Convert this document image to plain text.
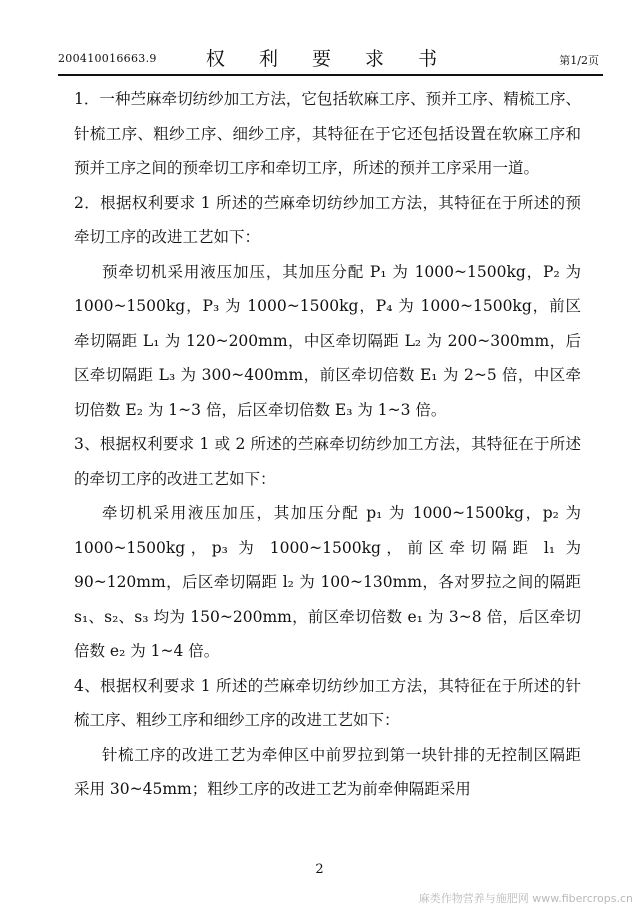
200410016663.9	权 利 要 求 书	第1/2页

1．一种苎麻牵切纺纱加工方法，它包括软麻工序、预并工序、精梳工序、针梳工序、粗纱工序、细纱工序，其特征在于它还包括设置在软麻工序和预并工序之间的预牵切工序和牵切工序，所述的预并工序采用一道。

2．根据权利要求 1 所述的苎麻牵切纺纱加工方法，其特征在于所述的预牵切工序的改进工艺如下：

预牵切机采用液压加压，其加压分配 P₁ 为 1000~1500kg，P₂ 为 1000~1500kg，P₃ 为 1000~1500kg，P₄ 为 1000~1500kg，前区牵切隔距 L₁ 为 120~200mm，中区牵切隔距 L₂ 为 200~300mm，后区牵切隔距 L₃ 为 300~400mm，前区牵切倍数 E₁ 为 2~5 倍，中区牵切倍数 E₂ 为 1~3 倍，后区牵切倍数 E₃ 为 1~3 倍。

3、根据权利要求 1 或 2 所述的苎麻牵切纺纱加工方法，其特征在于所述的牵切工序的改进工艺如下：

牵切机采用液压加压，其加压分配 p₁ 为 1000~1500kg，p₂ 为 1000~1500kg，p₃ 为 1000~1500kg，前区牵切隔距 l₁ 为 90~120mm，后区牵切隔距 l₂ 为 100~130mm，各对罗拉之间的隔距 s₁、s₂、s₃ 均为 150~200mm，前区牵切倍数 e₁ 为 3~8 倍，后区牵切倍数 e₂ 为 1~4 倍。

4、根据权利要求 1 所述的苎麻牵切纺纱加工方法，其特征在于所述的针梳工序、粗纱工序和细纱工序的改进工艺如下：

针梳工序的改进工艺为牵伸区中前罗拉到第一块针排的无控制区隔距采用 30~45mm；粗纱工序的改进工艺为前牵伸隔距采用

2
麻类作物营养与施肥网 www.fibercrops.cn
